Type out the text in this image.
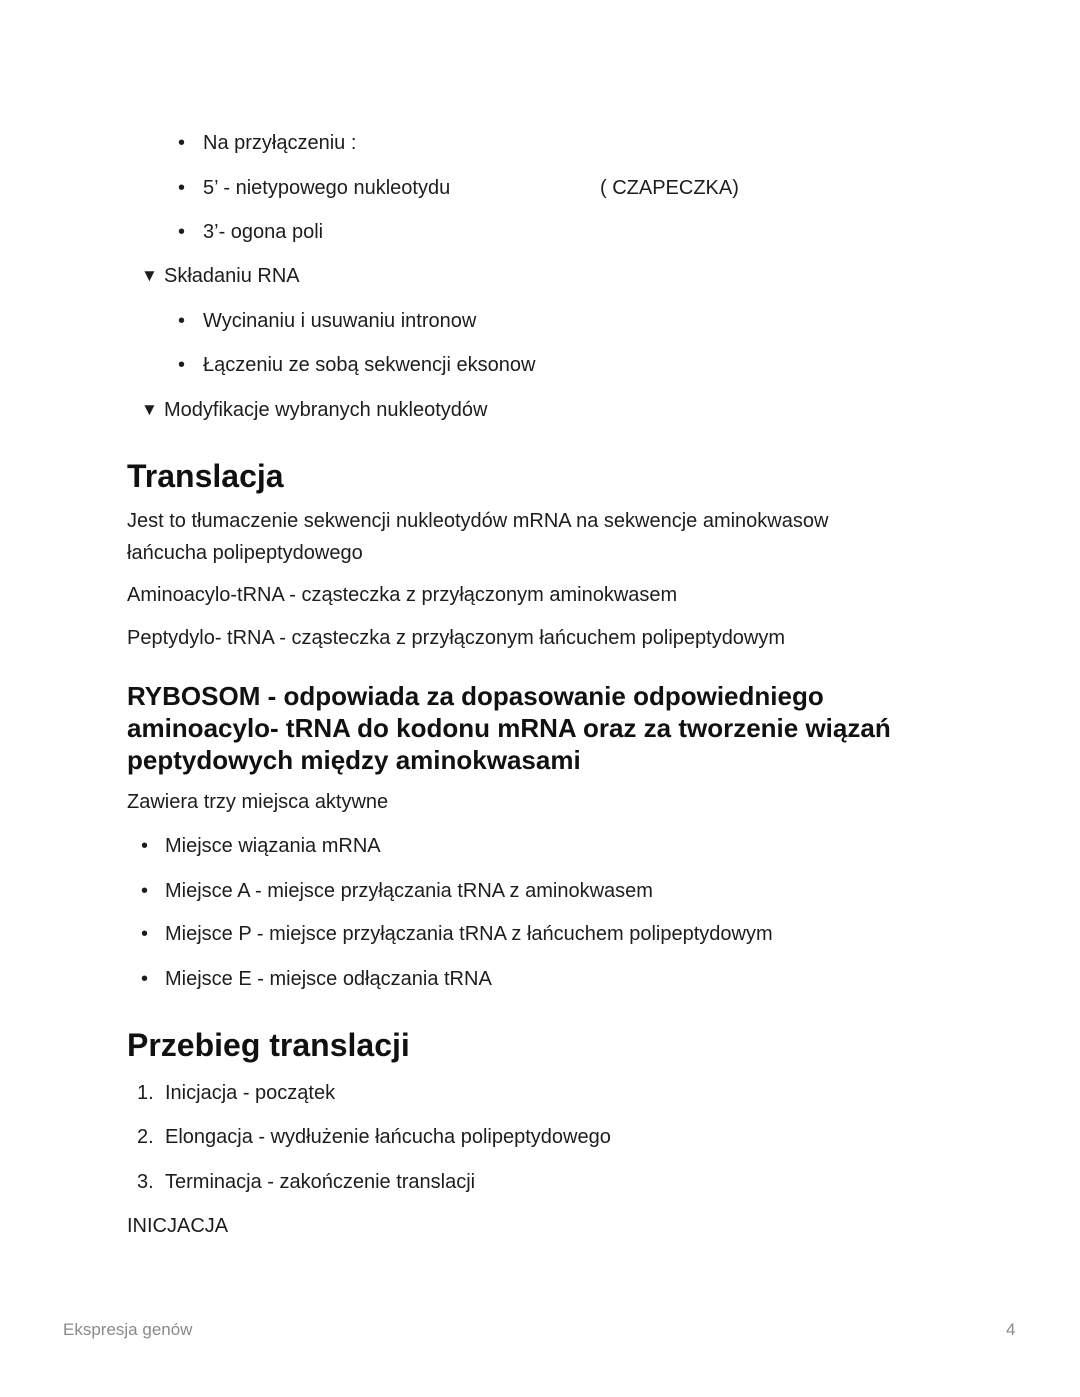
• Na przyłączeniu :
• 5’ - nietypowego nukleotydu	( CZAPECZKA)
• 3’- ogona poli
▼ Składaniu RNA
• Wycinaniu i usuwaniu intronow
• Łączeniu ze sobą sekwencji eksonow
▼ Modyfikacje wybranych nukleotydów
Translacja
Jest to tłumaczenie sekwencji nukleotydów mRNA na sekwencje aminokwasow
łańcucha polipeptydowego
Aminoacylo-tRNA - cząsteczka z przyłączonym aminokwasem
Peptydylo- tRNA - cząsteczka z przyłączonym łańcuchem polipeptydowym
RYBOSOM - odpowiada za dopasowanie odpowiedniego
aminoacylo- tRNA do kodonu mRNA oraz za tworzenie wiązań
peptydowych między aminokwasami
Zawiera trzy miejsca aktywne
• Miejsce wiązania mRNA
• Miejsce A - miejsce przyłączania tRNA z aminokwasem
• Miejsce P - miejsce przyłączania tRNA z łańcuchem polipeptydowym
• Miejsce E - miejsce odłączania tRNA
Przebieg translacji
1. Inicjacja - początek
2. Elongacja - wydłużenie łańcucha polipeptydowego
3. Terminacja - zakończenie translacji
INICJACJA
Ekspresja genów	4
